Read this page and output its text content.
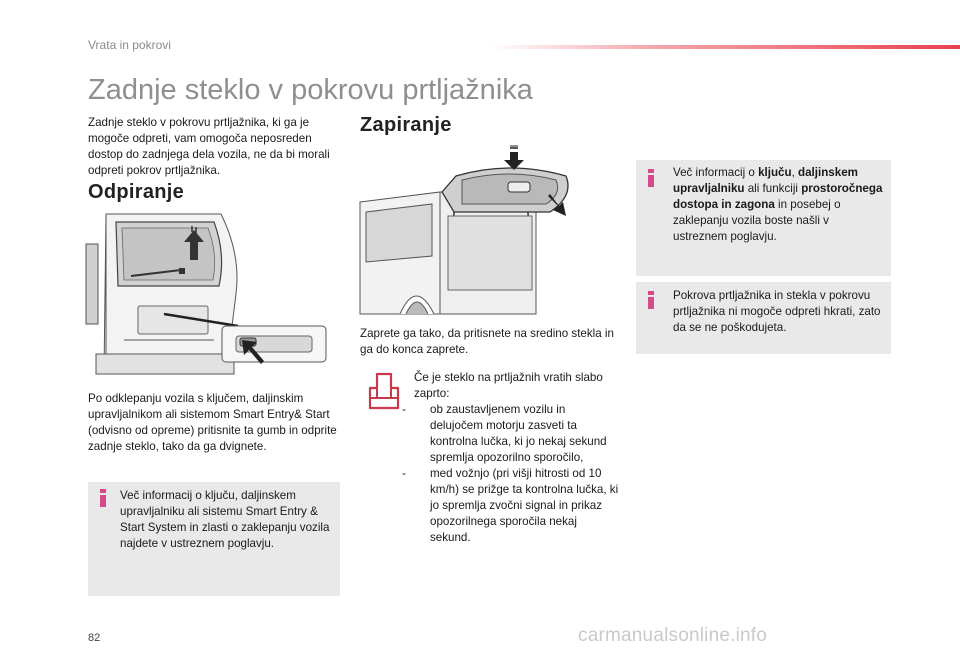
Vrata in pokrovi
Zadnje steklo v pokrovu prtljažnika
Zadnje steklo v pokrovu prtljažnika, ki ga je mogoče odpreti, vam omogoča neposreden dostop do zadnjega dela vozila, ne da bi morali odpreti pokrov prtljažnika.
Odpiranje
Po odklepanju vozila s ključem, daljinskim upravljalnikom ali sistemom Smart Entry& Start (odvisno od opreme) pritisnite ta gumb in odprite zadnje steklo, tako da ga dvignete.
Več informacij o ključu, daljinskem upravljalniku ali sistemu Smart Entry & Start System in zlasti o zaklepanju vozila najdete v ustreznem poglavju.
Zapiranje
Zaprete ga tako, da pritisnete na sredino stekla in ga do konca zaprete.
Če je steklo na prtljažnih vratih slabo zaprto:
- ob zaustavljenem vozilu in delujočem motorju zasveti ta kontrolna lučka, ki jo nekaj sekund spremlja opozorilno sporočilo,
- med vožnjo (pri višji hitrosti od 10 km/h) se prižge ta kontrolna lučka, ki jo spremlja zvočni signal in prikaz opozorilnega sporočila nekaj sekund.
Več informacij o ključu, daljinskem upravljalniku ali funkciji prostoročnega dostopa in zagona in posebej o zaklepanju vozila boste našli v ustreznem poglavju.
Pokrova prtljažnika in stekla v pokrovu prtljažnika ni mogoče odpreti hkrati, zato da se ne poškodujeta.
82	carmanualsonline.info
